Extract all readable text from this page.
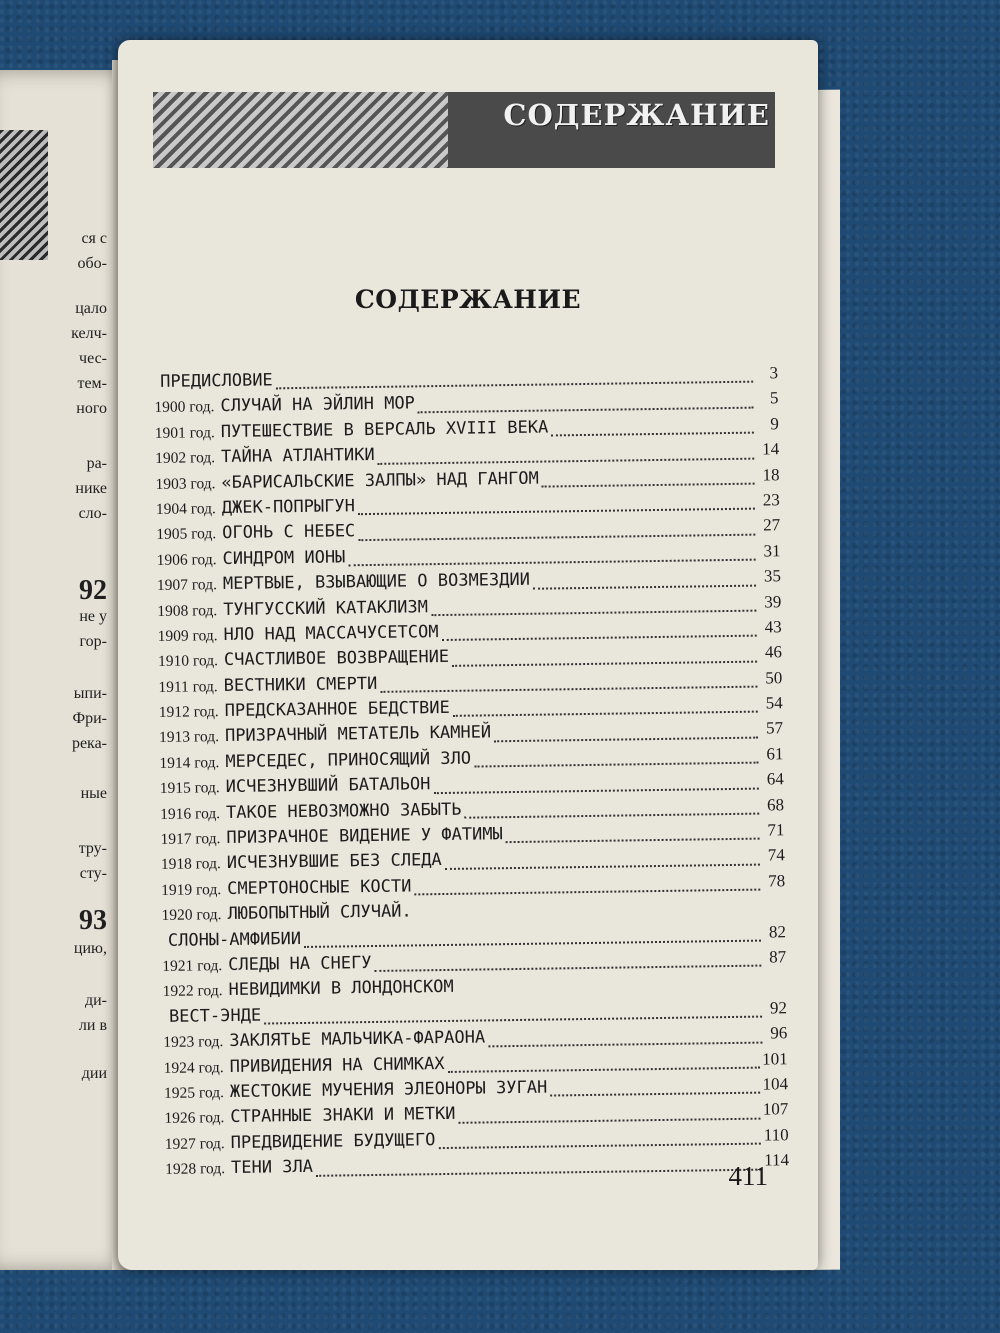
ся с
обо-
цало
келч-
чес-
тем-
ного
ра-
нике
сло-
92
не у
гор-
ыпи-
Фри-
река-
ные
тру-
сту-
93
цию,
ди-
ли в
дии
СОДЕРЖАНИЕ
СОДЕРЖАНИЕ
ПРЕДИСЛОВИЕ	3
1900 год. СЛУЧАЙ НА ЭЙЛИН МОР	5
1901 год. ПУТЕШЕСТВИЕ В ВЕРСАЛЬ XVIII ВЕКА	9
1902 год. ТАЙНА АТЛАНТИКИ	14
1903 год. «БАРИСАЛЬСКИЕ ЗАЛПЫ» НАД ГАНГОМ	18
1904 год. ДЖЕК-ПОПРЫГУН	23
1905 год. ОГОНЬ С НЕБЕС	27
1906 год. СИНДРОМ ИОНЫ	31
1907 год. МЕРТВЫЕ, ВЗЫВАЮЩИЕ О ВОЗМЕЗДИИ	35
1908 год. ТУНГУССКИЙ КАТАКЛИЗМ	39
1909 год. НЛО НАД МАССАЧУСЕТСОМ	43
1910 год. СЧАСТЛИВОЕ ВОЗВРАЩЕНИЕ	46
1911 год. ВЕСТНИКИ СМЕРТИ	50
1912 год. ПРЕДСКАЗАННОЕ БЕДСТВИЕ	54
1913 год. ПРИЗРАЧНЫЙ МЕТАТЕЛЬ КАМНЕЙ	57
1914 год. МЕРСЕДЕС, ПРИНОСЯЩИЙ ЗЛО	61
1915 год. ИСЧЕЗНУВШИЙ БАТАЛЬОН	64
1916 год. ТАКОЕ НЕВОЗМОЖНО ЗАБЫТЬ	68
1917 год. ПРИЗРАЧНОЕ ВИДЕНИЕ У ФАТИМЫ	71
1918 год. ИСЧЕЗНУВШИЕ БЕЗ СЛЕДА	74
1919 год. СМЕРТОНОСНЫЕ КОСТИ	78
1920 год. ЛЮБОПЫТНЫЙ СЛУЧАЙ.
СЛОНЫ-АМФИБИИ	82
1921 год. СЛЕДЫ НА СНЕГУ	87
1922 год. НЕВИДИМКИ В ЛОНДОНСКОМ
ВЕСТ-ЭНДЕ	92
1923 год. ЗАКЛЯТЬЕ МАЛЬЧИКА-ФАРАОНА	96
1924 год. ПРИВИДЕНИЯ НА СНИМКАХ	101
1925 год. ЖЕСТОКИЕ МУЧЕНИЯ ЭЛЕОНОРЫ ЗУГАН	104
1926 год. СТРАННЫЕ ЗНАКИ И МЕТКИ	107
1927 год. ПРЕДВИДЕНИЕ БУДУЩЕГО	110
1928 год. ТЕНИ ЗЛА	114
411
